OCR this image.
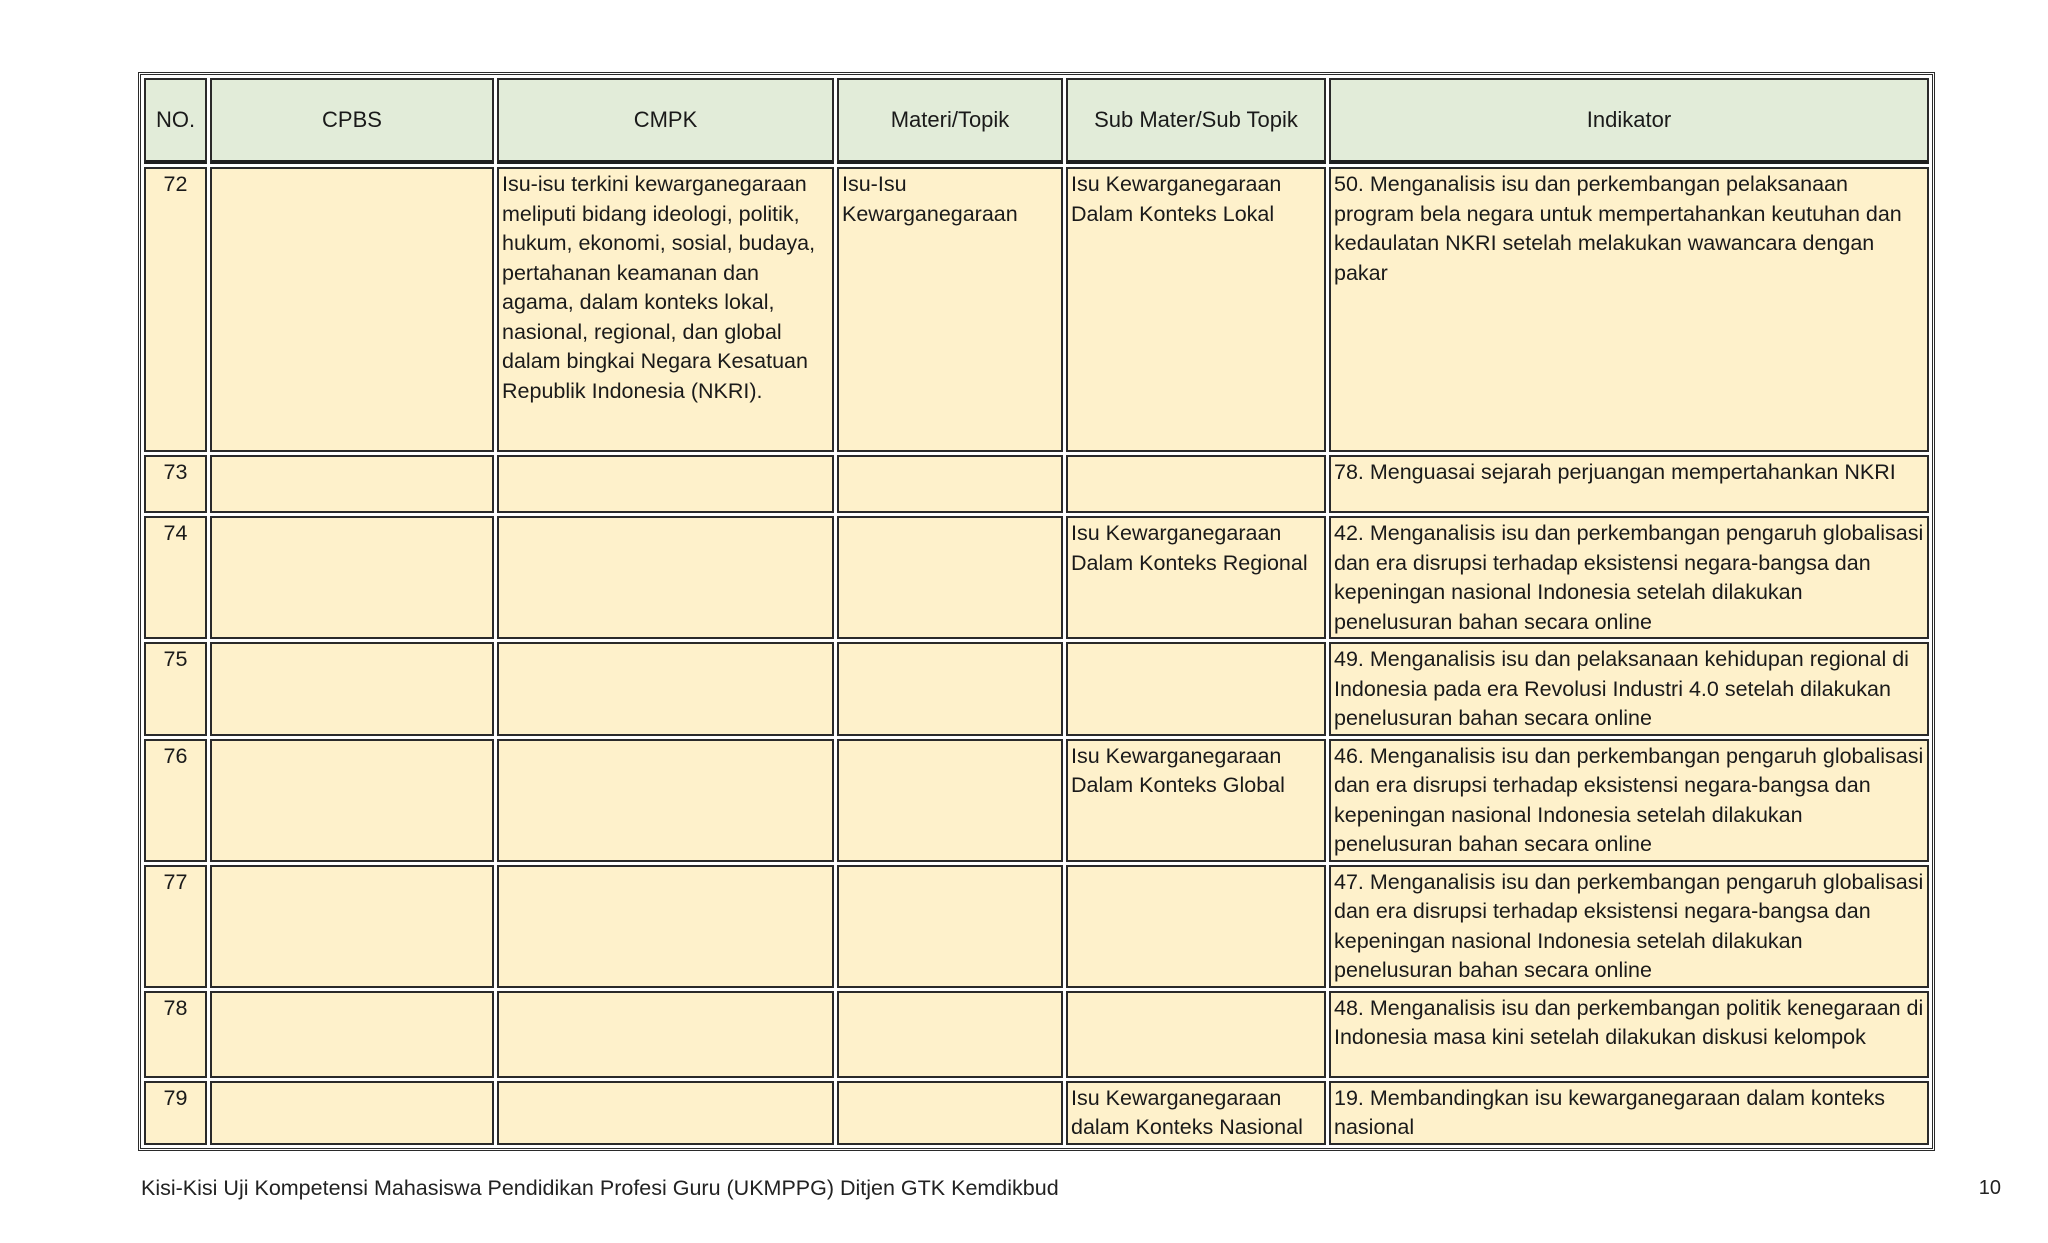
NO.	CPBS	CMPK	Materi/Topik	Sub Mater/Sub Topik	Indikator
72		Isu-isu terkini kewarganegaraan meliputi bidang ideologi, politik, hukum, ekonomi, sosial, budaya, pertahanan keamanan dan agama, dalam konteks lokal, nasional, regional, dan global dalam bingkai Negara Kesatuan Republik Indonesia (NKRI).	Isu-Isu Kewarganegaraan	Isu Kewarganegaraan Dalam Konteks Lokal	50. Menganalisis isu dan perkembangan pelaksanaan program bela negara untuk mempertahankan keutuhan dan kedaulatan NKRI setelah melakukan wawancara dengan pakar
73					78. Menguasai sejarah perjuangan mempertahankan NKRI
74				Isu Kewarganegaraan Dalam Konteks Regional	42. Menganalisis isu dan perkembangan pengaruh globalisasi dan era disrupsi terhadap eksistensi negara-bangsa dan kepeningan nasional Indonesia setelah dilakukan penelusuran bahan secara online
75					49. Menganalisis isu dan pelaksanaan kehidupan regional di Indonesia pada era Revolusi Industri 4.0 setelah dilakukan penelusuran bahan secara online
76				Isu Kewarganegaraan Dalam Konteks Global	46. Menganalisis isu dan perkembangan pengaruh globalisasi dan era disrupsi terhadap eksistensi negara-bangsa dan kepeningan nasional Indonesia setelah dilakukan penelusuran bahan secara online
77					47. Menganalisis isu dan perkembangan pengaruh globalisasi dan era disrupsi terhadap eksistensi negara-bangsa dan kepeningan nasional Indonesia setelah dilakukan penelusuran bahan secara online
78					48. Menganalisis isu dan perkembangan politik kenegaraan di Indonesia masa kini setelah dilakukan diskusi kelompok
79				Isu Kewarganegaraan dalam Konteks Nasional	19. Membandingkan isu kewarganegaraan dalam konteks nasional
Kisi-Kisi Uji Kompetensi Mahasiswa Pendidikan Profesi Guru (UKMPPG) Ditjen GTK Kemdikbud	10
